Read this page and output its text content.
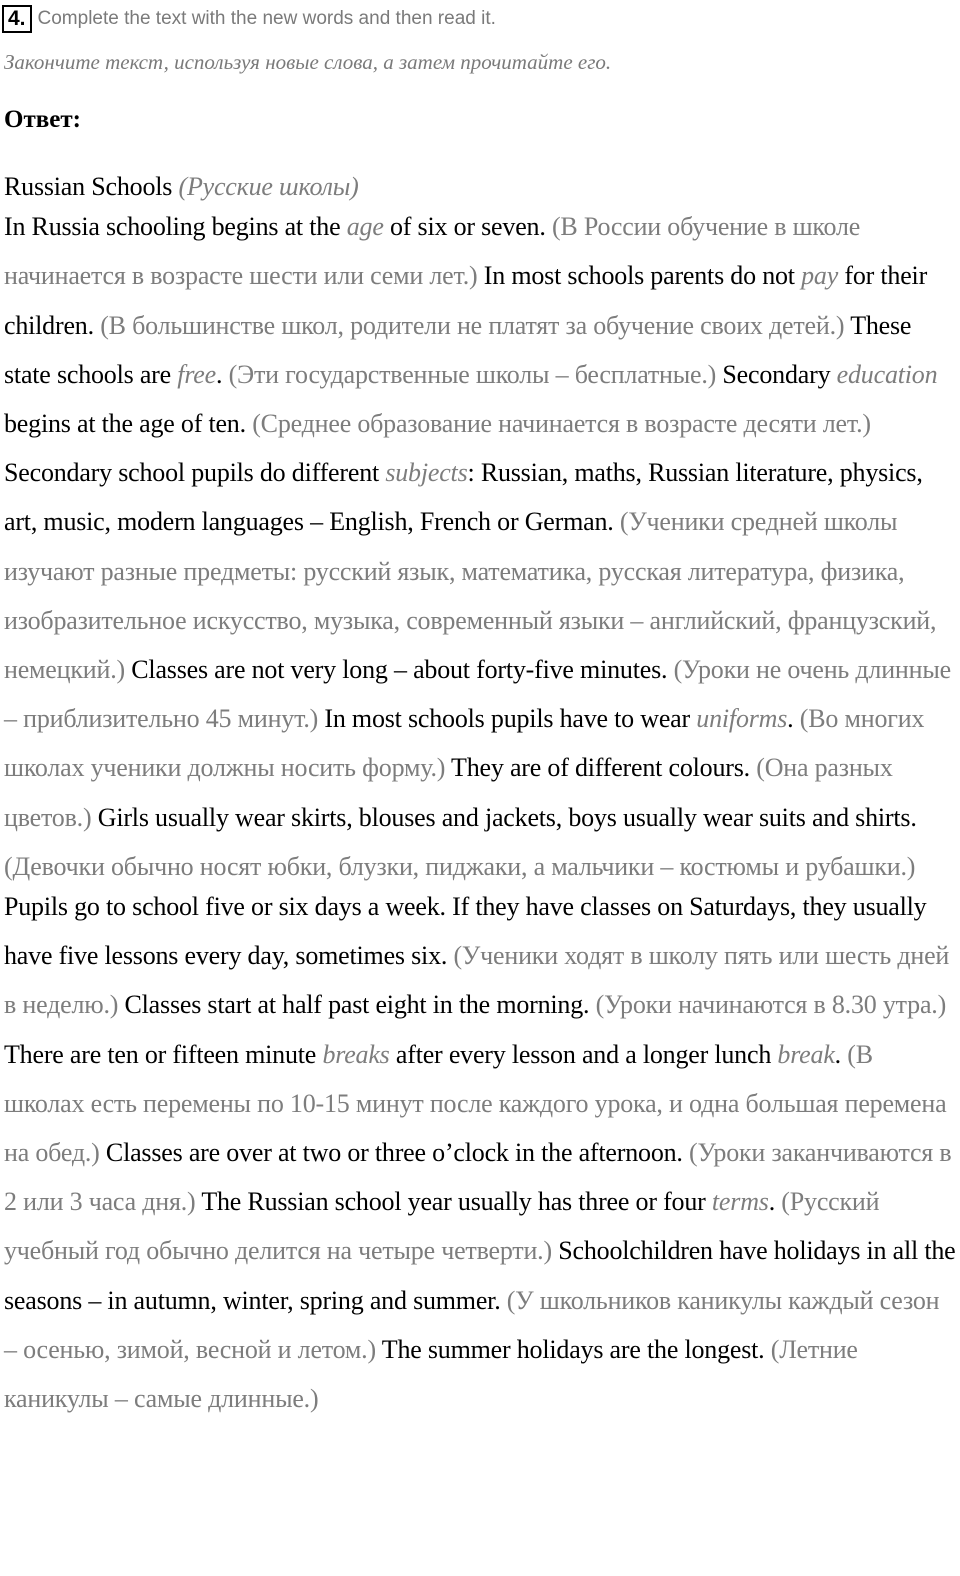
4. Complete the text with the new words and then read it.
Закончите текст, используя новые слова, а затем прочитайте его.
Ответ:

Russian Schools (Русские школы)

In Russia schooling begins at the age of six or seven. (В России обучение в школе начинается в возрасте шести или семи лет.) In most schools parents do not pay for their children. (В большинстве школ, родители не платят за обучение своих детей.) These state schools are free. (Эти государственные школы – бесплатные.) Secondary education begins at the age of ten. (Среднее образование начинается в возрасте десяти лет.) Secondary school pupils do different subjects: Russian, maths, Russian literature, physics, art, music, modern languages – English, French or German. (Ученики средней школы изучают разные предметы: русский язык, математика, русская литература, физика, изобразительное искусство, музыка, современный языки – английский, французский, немецкий.) Classes are not very long – about forty-five minutes. (Уроки не очень длинные – приблизительно 45 минут.) In most schools pupils have to wear uniforms. (Во многих школах ученики должны носить форму.) They are of different colours. (Она разных цветов.) Girls usually wear skirts, blouses and jackets, boys usually wear suits and shirts. (Девочки обычно носят юбки, блузки, пиджаки, а мальчики – костюмы и рубашки.)

Pupils go to school five or six days a week. If they have classes on Saturdays, they usually have five lessons every day, sometimes six. (Ученики ходят в школу пять или шесть дней в неделю.) Classes start at half past eight in the morning. (Уроки начинаются в 8.30 утра.) There are ten or fifteen minute breaks after every lesson and a longer lunch break. (В школах есть перемены по 10-15 минут после каждого урока, и одна большая перемена на обед.) Classes are over at two or three o’clock in the afternoon. (Уроки заканчиваются в 2 или 3 часа дня.) The Russian school year usually has three or four terms. (Русский учебный год обычно делится на четыре четверти.) Schoolchildren have holidays in all the seasons – in autumn, winter, spring and summer. (У школьников каникулы каждый сезон – осенью, зимой, весной и летом.) The summer holidays are the longest. (Летние каникулы – самые длинные.)
